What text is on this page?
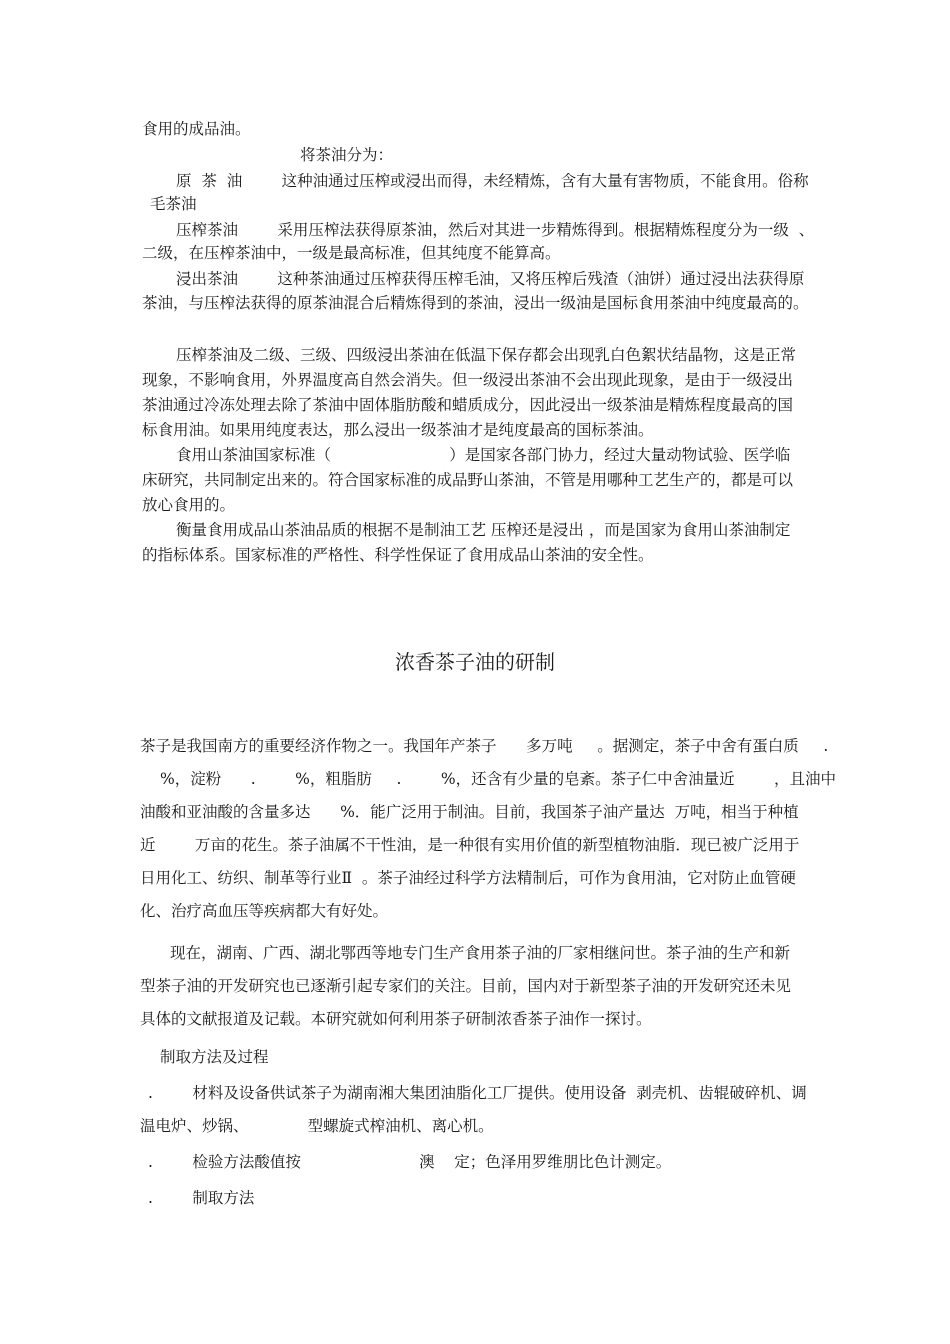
食用的成品油。
将茶油分为：
原  茶  油        这种油通过压榨或浸出而得，未经精炼，含有大量有害物质，不能食用。俗称
毛茶油
压榨茶油        采用压榨法获得原茶油，然后对其进一步精炼得到。根据精炼程度分为一级  、
二级，在压榨茶油中，一级是最高标准，但其纯度不能算高。
浸出茶油        这种茶油通过压榨获得压榨毛油，又将压榨后残渣（油饼）通过浸出法获得原
茶油，与压榨法获得的原茶油混合后精炼得到的茶油，浸出一级油是国标食用茶油中纯度最高的。
压榨茶油及二级、三级、四级浸出茶油在低温下保存都会出现乳白色絮状结晶物，这是正常
现象，不影响食用，外界温度高自然会消失。但一级浸出茶油不会出现此现象，是由于一级浸出
茶油通过冷冻处理去除了茶油中固体脂肪酸和蜡质成分，因此浸出一级茶油是精炼程度最高的国
标食用油。如果用纯度表达，那么浸出一级茶油才是纯度最高的国标茶油。
食用山茶油国家标准（                        ）是国家各部门协力，经过大量动物试验、医学临
床研究，共同制定出来的。符合国家标准的成品野山茶油，不管是用哪种工艺生产的，都是可以
放心食用的。
衡量食用成品山茶油品质的根据不是制油工艺 压榨还是浸出 ，而是国家为食用山茶油制定
的指标体系。国家标准的严格性、科学性保证了食用成品山茶油的安全性。
浓香茶子油的研制
茶子是我国南方的重要经济作物之一。我国年产茶子      多万吨     。据测定，茶子中舍有蛋白质     .
%，淀粉      .        %，粗脂肪     .        %，还含有少量的皂紊。茶子仁中舍油量近        ，且油中
油酸和亚油酸的含量多达      %．能广泛用于制油。目前，我国茶子油产量达  万吨，相当于种植
近        万亩的花生。茶子油属不干性油，是一种很有实用价值的新型植物油脂．现已被广泛用于
日用化工、纺织、制革等行业Ⅱ  。茶子油经过科学方法精制后，可作为食用油，它对防止血管硬
化、治疗高血压等疾病都大有好处。
现在，湖南、广西、湖北鄂西等地专门生产食用茶子油的厂家相继问世。茶子油的生产和新
型茶子油的开发研究也已逐渐引起专家们的关注。目前，国内对于新型茶子油的开发研究还未见
具体的文献报道及记载。本研究就如何利用茶子研制浓香茶子油作一探讨。
制取方法及过程
.        材料及设备供试茶子为湖南湘大集团油脂化工厂提供。使用设备  剥壳机、齿辊破碎机、调
温电炉、炒锅、            型螺旋式榨油机、离心机。
.        检验方法酸值按                        澳    定；色泽用罗维朋比色计测定。
.        制取方法
